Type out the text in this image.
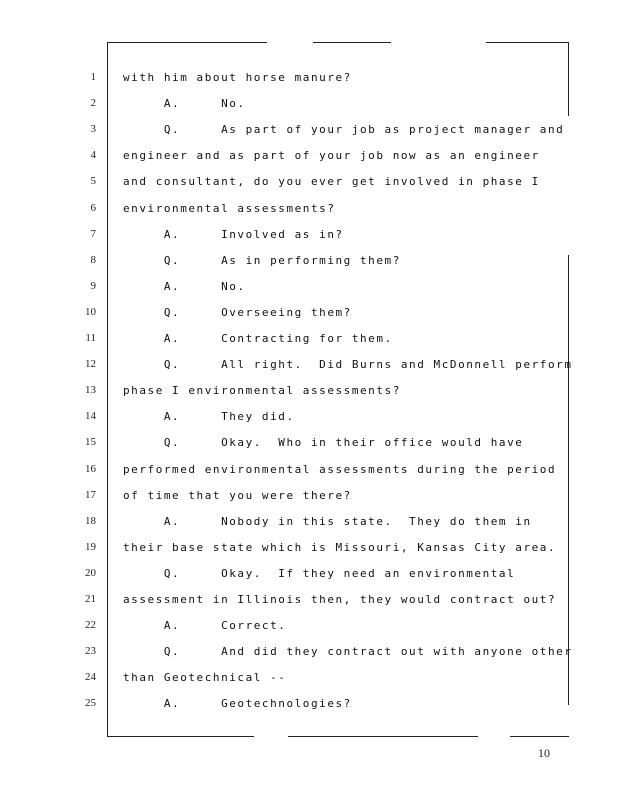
1 with him about horse manure?
2 A.     No.
3 Q.     As part of your job as project manager and
4 engineer and as part of your job now as an engineer
5 and consultant, do you ever get involved in phase I
6 environmental assessments?
7 A.     Involved as in?
8 Q.     As in performing them?
9 A.     No.
10 Q.     Overseeing them?
11 A.     Contracting for them.
12 Q.     All right.  Did Burns and McDonnell perform
13 phase I environmental assessments?
14 A.     They did.
15 Q.     Okay.  Who in their office would have
16 performed environmental assessments during the period
17 of time that you were there?
18 A.     Nobody in this state.  They do them in
19 their base state which is Missouri, Kansas City area.
20 Q.     Okay.  If they need an environmental
21 assessment in Illinois then, they would contract out?
22 A.     Correct.
23 Q.     And did they contract out with anyone other
24 than Geotechnical --
25 A.     Geotechnologies?
10
